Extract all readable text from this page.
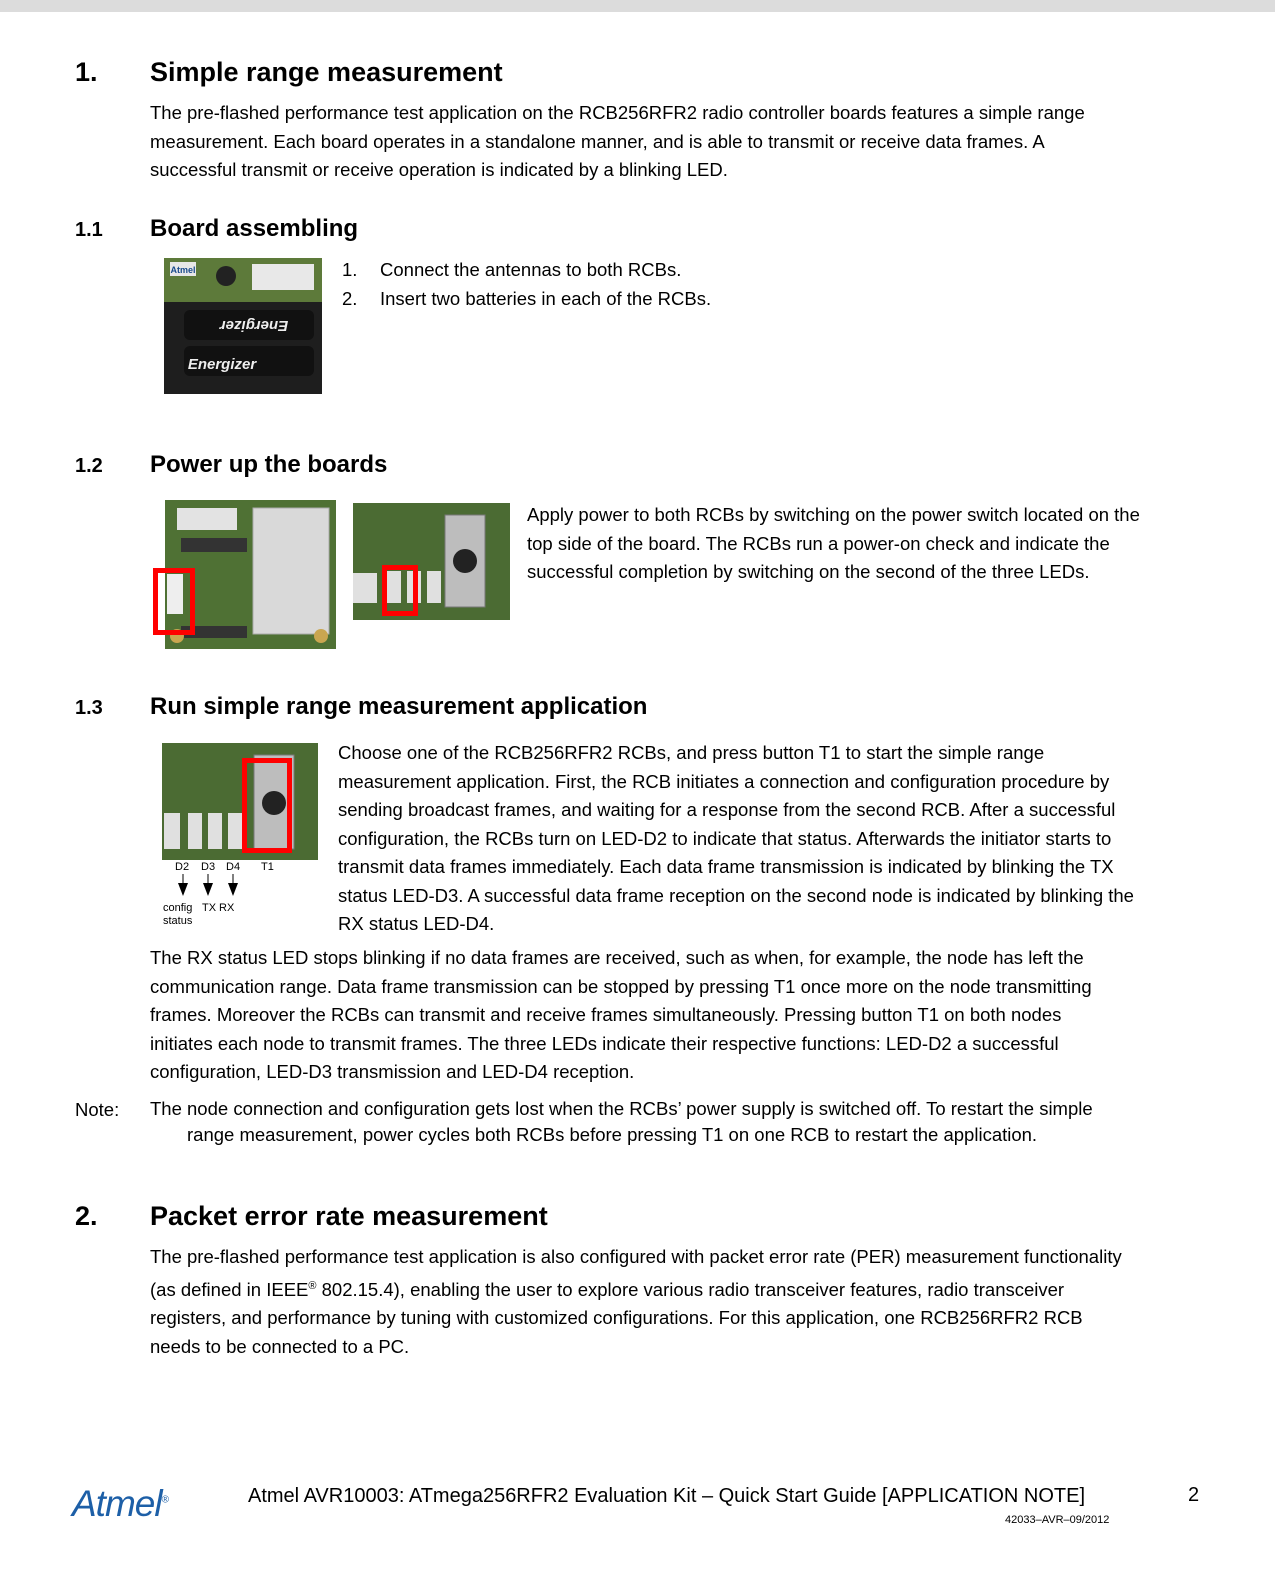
1. Simple range measurement
The pre-flashed performance test application on the RCB256RFR2 radio controller boards features a simple range
measurement. Each board operates in a standalone manner, and is able to transmit or receive data frames. A
successful transmit or receive operation is indicated by a blinking LED.
1.1 Board assembling
Atmel
Energizer
Energizer
1. Connect the antennas to both RCBs.
2. Insert two batteries in each of the RCBs.
1.2 Power up the boards
Apply power to both RCBs by switching on the power switch located on the
top side of the board. The RCBs run a power-on check and indicate the
successful completion by switching on the second of the three LEDs.
1.3 Run simple range measurement application
D2 D3 D4 T1
config
status
TX RX
Choose one of the RCB256RFR2 RCBs, and press button T1 to start the simple range
measurement application. First, the RCB initiates a connection and configuration procedure by
sending broadcast frames, and waiting for a response from the second RCB. After a successful
configuration, the RCBs turn on LED-D2 to indicate that status. Afterwards the initiator starts to
transmit data frames immediately. Each data frame transmission is indicated by blinking the TX
status LED-D3. A successful data frame reception on the second node is indicated by blinking the
RX status LED-D4.
The RX status LED stops blinking if no data frames are received, such as when, for example, the node has left the
communication range. Data frame transmission can be stopped by pressing T1 once more on the node transmitting
frames. Moreover the RCBs can transmit and receive frames simultaneously. Pressing button T1 on both nodes
initiates each node to transmit frames. The three LEDs indicate their respective functions: LED-D2 a successful
configuration, LED-D3 transmission and LED-D4 reception.
Note: The node connection and configuration gets lost when the RCBs’ power supply is switched off. To restart the simple
range measurement, power cycles both RCBs before pressing T1 on one RCB to restart the application.
2. Packet error rate measurement
The pre-flashed performance test application is also configured with packet error rate (PER) measurement functionality
(as defined in IEEE® 802.15.4), enabling the user to explore various radio transceiver features, radio transceiver
registers, and performance by tuning with customized configurations. For this application, one RCB256RFR2 RCB
needs to be connected to a PC.
Atmel®	Atmel AVR10003: ATmega256RFR2 Evaluation Kit – Quick Start Guide [APPLICATION NOTE]
42033–AVR–09/2012
2
